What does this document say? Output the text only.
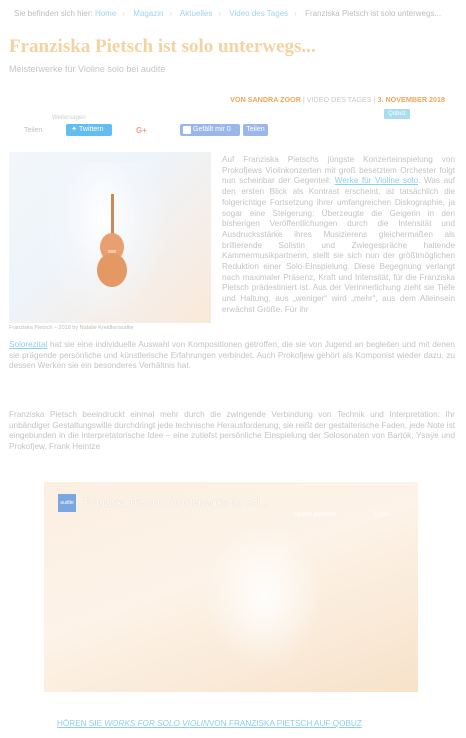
Sie befinden sich hier: Home › Magazin › Aktuelles › Video des Tages › Franziska Pietsch ist solo unterwegs...
Franziska Pietsch ist solo unterwegs...
Meisterwerke für Violine solo bei audite
VON SANDRA ZOOR | VIDEO DES TAGES | 3. NOVEMBER 2018
Qobuz
Weitersagen
Teilen	✦ Twittern	G+	Gefällt mir 0	Teilen
Franziska Pietsch – 2018 by Natalie Kreidler/audite
Auf Franziska Pietschs jüngste Konzerteinspielung von Prokofjews Violinkonzerten mit groß besetztem Orchester folgt nun scheinbar der Gegenteil: Werke für Violine solo. Was auf den ersten Blick als Kontrast erscheint, ist tatsächlich die folgerichtige Fortsetzung ihrer umfangreichen Diskographie, ja sogar eine Steigerung: Überzeugte die Geigerin in den bisherigen Veröffentlichungen durch die Intensität und Ausdrucksstärke ihres Musizierens gleichermaßen als brillierende Solistin und Zwiegespräche haltende Kammermusikpartnerin, stellt sie sich nun der größtmöglichen Reduktion einer Solo-Einspielung. Diese Begegnung verlangt nach maximaler Präsenz, Kraft und Intensität, für die Franziska Pietsch prädestiniert ist. Aus der Verinnerlichung zieht sie Tiefe und Haltung, aus „weniger“ wird „mehr“, aus dem Alleinsein erwächst Größe. Für ihr
Solorezital hat sie eine individuelle Auswahl von Kompositionen getroffen, die sie von Jugend an begleiten und mit denen sie prägende persönliche und künstlerische Erfahrungen verbindet. Auch Prokofjew gehört als Komponist wieder dazu, zu dessen Werken sie ein besonderes Verhältnis hat.
Franziska Pietsch beeindruckt einmal mehr durch die zwingende Verbindung von Technik und Interpretation: Ihr unbändiger Gestaltungswille durchdringt jede technische Herausforderung, sie reißt der gestalterische Faden, jede Note ist eingebunden in die interpretatorische Idee – eine zutiefst persönliche Einspielung der Solosonaten von Bartók, Ysaÿe und Prokofjew. Frank Heintze
audite Franziska Pietsch | masterworks for Sol...
Später ansehen	Teilen
HÖREN SIE WORKS FOR SOLO VIOLINVON FRANZISKA PIETSCH AUF QOBUZ
